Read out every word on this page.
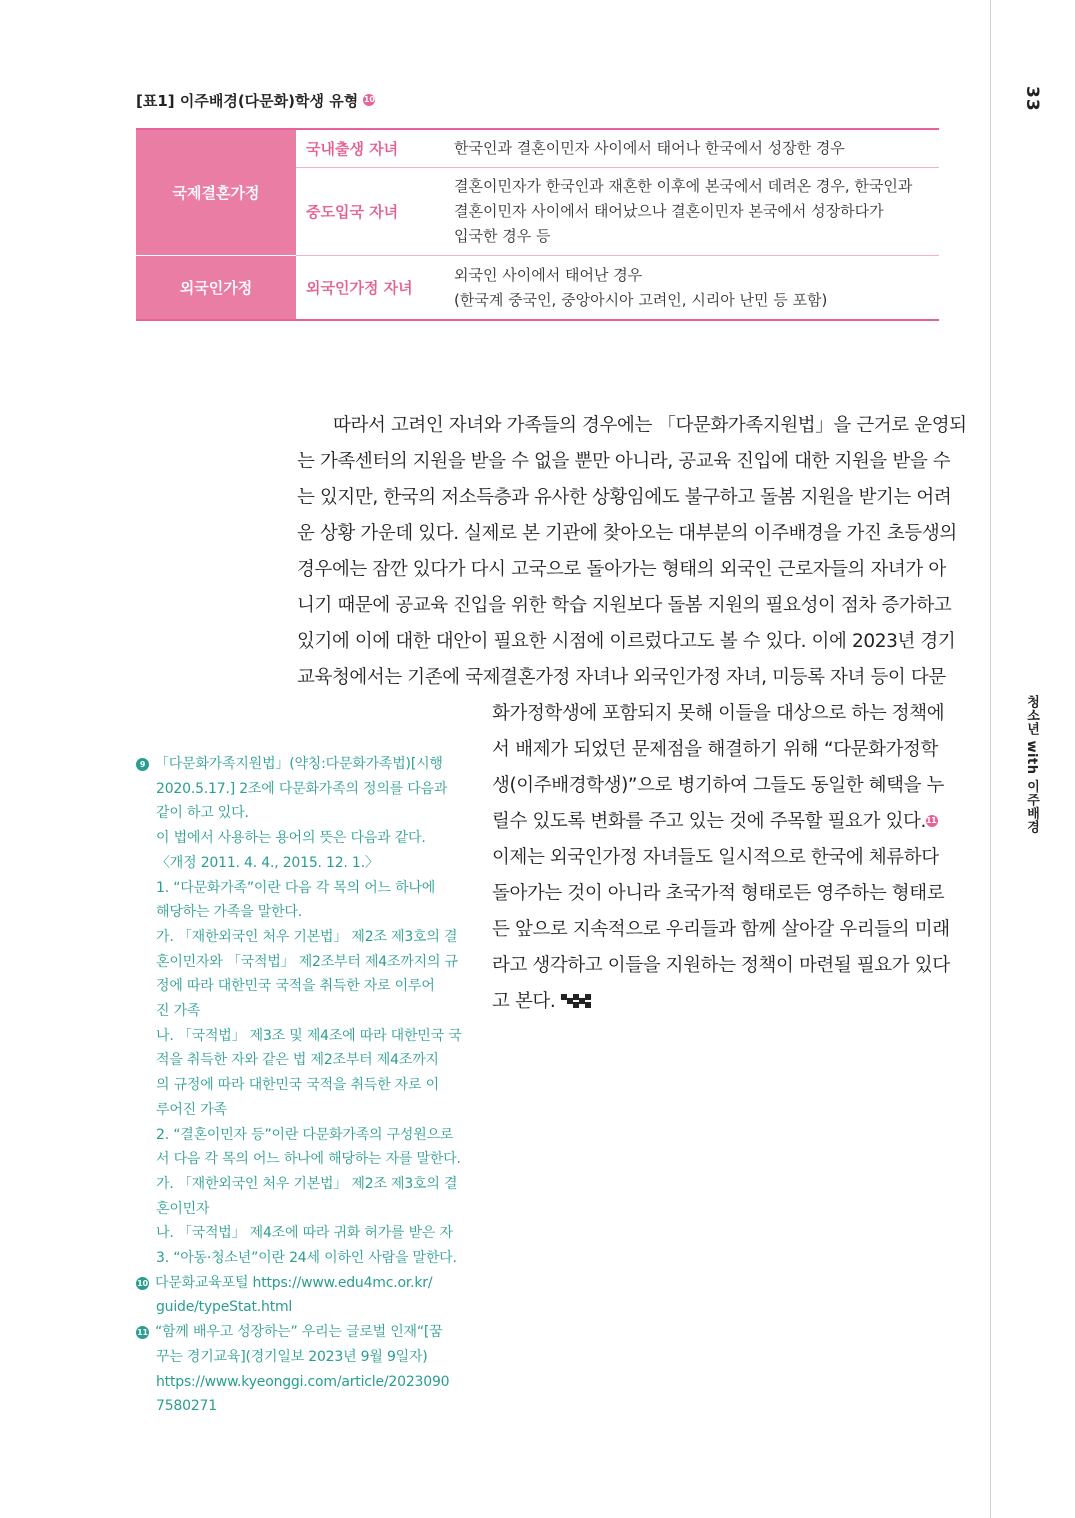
33
청소년 with 이주배경
[표1] 이주배경(다문화)학생 유형 10
국제결혼가정	국내출생 자녀	한국인과 결혼이민자 사이에서 태어나 한국에서 성장한 경우

	중도입국 자녀	결혼이민자가 한국인과 재혼한 이후에 본국에서 데려온 경우, 한국인과
결혼이민자 사이에서 태어났으나 결혼이민자 본국에서 성장하다가
입국한 경우 등

외국인가정	외국인가정 자녀	외국인 사이에서 태어난 경우
(한국계 중국인, 중앙아시아 고려인, 시리아 난민 등 포함)
따라서 고려인 자녀와 가족들의 경우에는 「다문화가족지원법」을 근거로 운영되
는 가족센터의 지원을 받을 수 없을 뿐만 아니라, 공교육 진입에 대한 지원을 받을 수
는 있지만, 한국의 저소득층과 유사한 상황임에도 불구하고 돌봄 지원을 받기는 어려
운 상황 가운데 있다. 실제로 본 기관에 찾아오는 대부분의 이주배경을 가진 초등생의
경우에는 잠깐 있다가 다시 고국으로 돌아가는 형태의 외국인 근로자들의 자녀가 아
니기 때문에 공교육 진입을 위한 학습 지원보다 돌봄 지원의 필요성이 점차 증가하고
있기에 이에 대한 대안이 필요한 시점에 이르렀다고도 볼 수 있다. 이에 2023년 경기
교육청에서는 기존에 국제결혼가정 자녀나 외국인가정 자녀, 미등록 자녀 등이 다문
화가정학생에 포함되지 못해 이들을 대상으로 하는 정책에
서 배제가 되었던 문제점을 해결하기 위해 “다문화가정학
생(이주배경학생)”으로 병기하여 그들도 동일한 혜택을 누
릴수 있도록 변화를 주고 있는 것에 주목할 필요가 있다.11
이제는 외국인가정 자녀들도 일시적으로 한국에 체류하다
돌아가는 것이 아니라 초국가적 형태로든 영주하는 형태로
든 앞으로 지속적으로 우리들과 함께 살아갈 우리들의 미래
라고 생각하고 이들을 지원하는 정책이 마련될 필요가 있다
고 본다.
9 「다문화가족지원법」(약칭:다문화가족법)[시행
2020.5.17.] 2조에 다문화가족의 정의를 다음과
같이 하고 있다.
이 법에서 사용하는 용어의 뜻은 다음과 같다.
〈개정 2011. 4. 4., 2015. 12. 1.〉
1. “다문화가족”이란 다음 각 목의 어느 하나에
해당하는 가족을 말한다.
가. 「재한외국인 처우 기본법」 제2조 제3호의 결
혼이민자와 「국적법」 제2조부터 제4조까지의 규
정에 따라 대한민국 국적을 취득한 자로 이루어
진 가족
나. 「국적법」 제3조 및 제4조에 따라 대한민국 국
적을 취득한 자와 같은 법 제2조부터 제4조까지
의 규정에 따라 대한민국 국적을 취득한 자로 이
루어진 가족
2. “결혼이민자 등”이란 다문화가족의 구성원으로
서 다음 각 목의 어느 하나에 해당하는 자를 말한다.
가. 「재한외국인 처우 기본법」 제2조 제3호의 결
혼이민자
나. 「국적법」 제4조에 따라 귀화 허가를 받은 자
3. “아동·청소년”이란 24세 이하인 사람을 말한다.
10 다문화교육포털 https://www.edu4mc.or.kr/
guide/typeStat.html
11 “함께 배우고 성장하는” 우리는 글로벌 인재“[꿈
꾸는 경기교육](경기일보 2023년 9월 9일자)
https://www.kyeonggi.com/article/2023090
7580271
